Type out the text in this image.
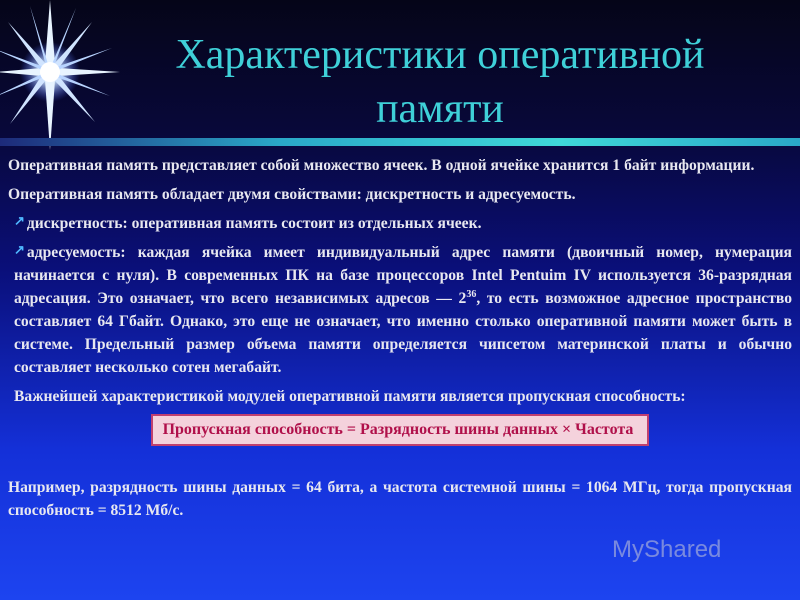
Характеристики оперативной памяти

Оперативная память представляет собой множество ячеек. В одной ячейке хранится 1 байт информации.

Оперативная память обладает двумя свойствами: дискретность и адресуемость.

↗ дискретность: оперативная память состоит из отдельных ячеек.

↗ адресуемость: каждая ячейка имеет индивидуальный адрес памяти (двоичный номер, нумерация начинается с нуля). В современных ПК на базе процессоров Intel Pentuim IV используется 36-разрядная адресация. Это означает, что всего независимых адресов — $2^{36}$, то есть возможное адресное пространство составляет 64 Гбайт. Однако, это еще не означает, что именно столько оперативной памяти может быть в системе. Предельный размер объема памяти определяется чипсетом материнской платы и обычно составляет несколько сотен мегабайт.

Важнейшей характеристикой модулей оперативной памяти является пропускная способность:

Пропускная способность = Разрядность шины данных × Частота

Например, разрядность шины данных = 64 бита, а частота системной шины = 1064 МГц, тогда пропускная способность = 8512 Мб/с.

MyShared
